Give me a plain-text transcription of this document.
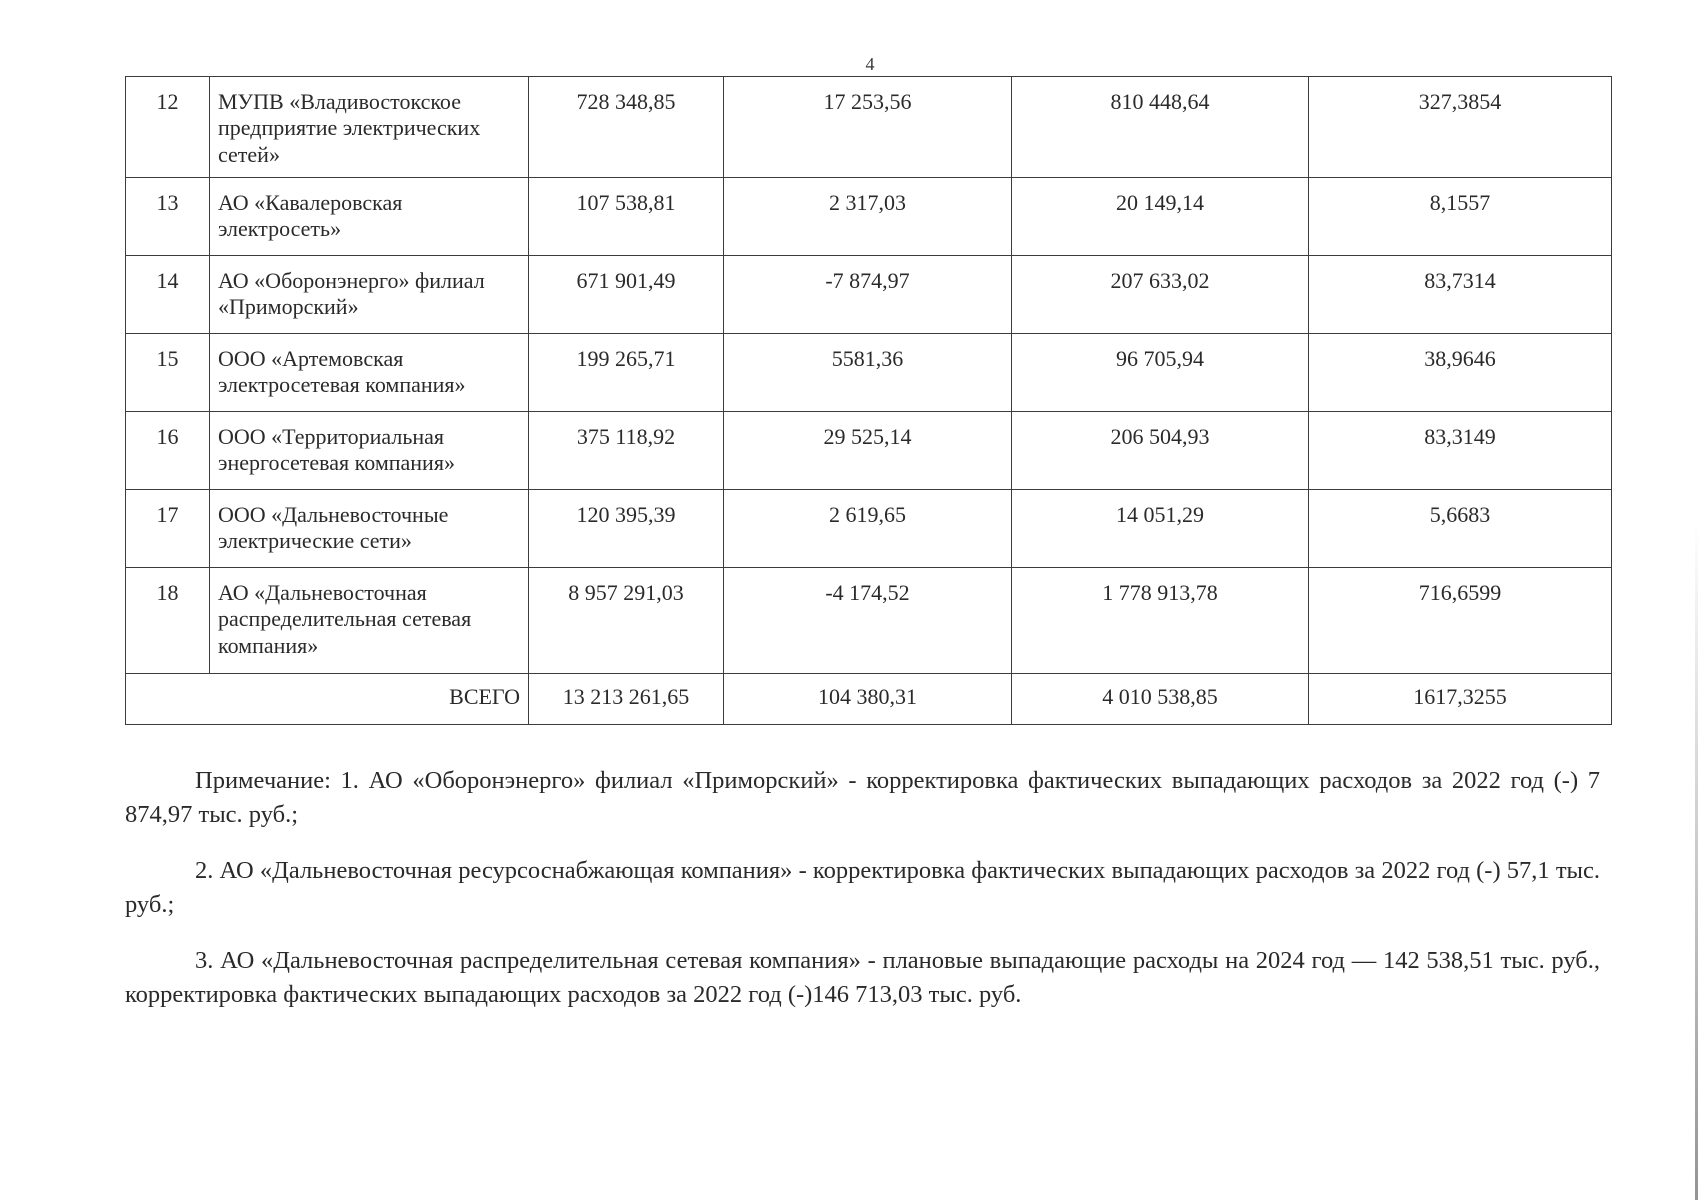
4
12	МУПВ «Владивостокское предприятие электрических сетей»	728 348,85	17 253,56	810 448,64	327,3854
13	АО «Кавалеровская электросеть»	107 538,81	2 317,03	20 149,14	8,1557
14	АО «Оборонэнерго» филиал «Приморский»	671 901,49	-7 874,97	207 633,02	83,7314
15	ООО «Артемовская электросетевая компания»	199 265,71	5581,36	96 705,94	38,9646
16	ООО «Территориальная энергосетевая компания»	375 118,92	29 525,14	206 504,93	83,3149
17	ООО «Дальневосточные электрические сети»	120 395,39	2 619,65	14 051,29	5,6683
18	АО «Дальневосточная распределительная сетевая компания»	8 957 291,03	-4 174,52	1 778 913,78	716,6599
ВСЕГО		13 213 261,65	104 380,31	4 010 538,85	1617,3255

Примечание: 1. АО «Оборонэнерго» филиал «Приморский» - корректировка фактических выпадающих расходов за 2022 год (-) 7 874,97 тыс. руб.;

2. АО «Дальневосточная ресурсоснабжающая компания» - корректировка фактических выпадающих расходов за 2022 год (-) 57,1 тыс. руб.;

3. АО «Дальневосточная распределительная сетевая компания» - плановые выпадающие расходы на 2024 год — 142 538,51 тыс. руб., корректировка фактических выпадающих расходов за 2022 год (-)146 713,03 тыс. руб.
